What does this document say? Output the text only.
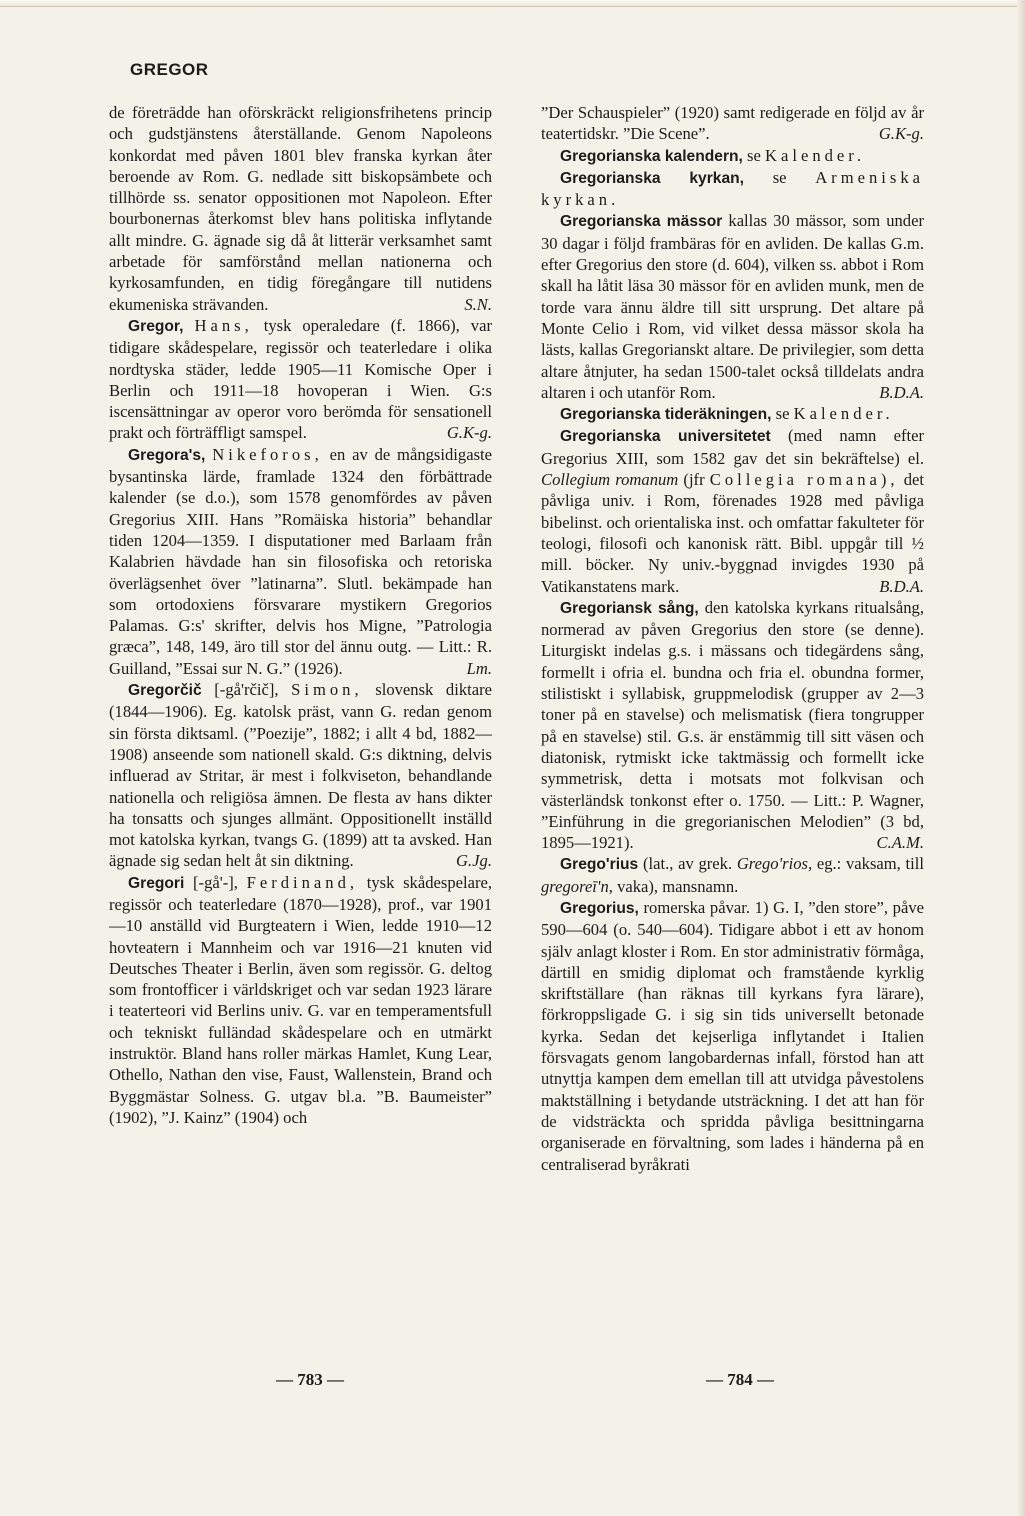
GREGOR

de företrädde han oförskräckt religionsfrihetens princip och gudstjänstens återställande. Genom Napoleons konkordat med påven 1801 blev franska kyrkan åter beroende av Rom. G. nedlade sitt biskopsämbete och tillhörde ss. senator oppositionen mot Napoleon. Efter bourbonernas återkomst blev hans politiska inflytande allt mindre. G. ägnade sig då åt litterär verksamhet samt arbetade för samförstånd mellan nationerna och kyrkosamfunden, en tidig föregångare till nutidens ekumeniska strävanden.	S.N.

Gregor, Hans, tysk operaledare (f. 1866), var tidigare skådespelare, regissör och teaterledare i olika nordtyska städer, ledde 1905—11 Komische Oper i Berlin och 1911—18 hovoperan i Wien. G:s iscensättningar av operor voro berömda för sensationell prakt och förträffligt samspel.	G.K-g.

Gregora's, Nikeforos, en av de mångsidigaste bysantinska lärde, framlade 1324 den förbättrade kalender (se d.o.), som 1578 genomfördes av påven Gregorius XIII. Hans ”Romäiska historia” behandlar tiden 1204—1359. I disputationer med Barlaam från Kalabrien hävdade han sin filosofiska och retoriska överlägsenhet över ”latinarna”. Slutl. bekämpade han som ortodoxiens försvarare mystikern Gregorios Palamas. G:s' skrifter, delvis hos Migne, ”Patrologia græca”, 148, 149, äro till stor del ännu outg. — Litt.: R. Guilland, ”Essai sur N. G.” (1926).	Lm.

Gregorčič [-gå'rčič], Simon, slovensk diktare (1844—1906). Eg. katolsk präst, vann G. redan genom sin första diktsaml. (”Poezije”, 1882; i allt 4 bd, 1882—1908) anseende som nationell skald. G:s diktning, delvis influerad av Stritar, är mest i folkviseton, behandlande nationella och religiösa ämnen. De flesta av hans dikter ha tonsatts och sjunges allmänt. Oppositionellt inställd mot katolska kyrkan, tvangs G. (1899) att ta avsked. Han ägnade sig sedan helt åt sin diktning.	G.Jg.

Gregori [-gå'-], Ferdinand, tysk skådespelare, regissör och teaterledare (1870—1928), prof., var 1901—10 anställd vid Burgteatern i Wien, ledde 1910—12 hovteatern i Mannheim och var 1916—21 knuten vid Deutsches Theater i Berlin, även som regissör. G. deltog som frontofficer i världskriget och var sedan 1923 lärare i teaterteori vid Berlins univ. G. var en temperamentsfull och tekniskt fulländad skådespelare och en utmärkt instruktör. Bland hans roller märkas Hamlet, Kung Lear, Othello, Nathan den vise, Faust, Wallenstein, Brand och Byggmästar Solness. G. utgav bl.a. ”B. Baumeister” (1902), ”J. Kainz” (1904) och

”Der Schauspieler” (1920) samt redigerade en följd av år teatertidskr. ”Die Scene”.	G.K-g.

Gregorianska kalendern, se Kalender.

Gregorianska kyrkan, se Armeniska kyrkan.

Gregorianska mässor kallas 30 mässor, som under 30 dagar i följd frambäras för en avliden. De kallas G.m. efter Gregorius den store (d. 604), vilken ss. abbot i Rom skall ha låtit läsa 30 mässor för en avliden munk, men de torde vara ännu äldre till sitt ursprung. Det altare på Monte Celio i Rom, vid vilket dessa mässor skola ha lästs, kallas Gregorianskt altare. De privilegier, som detta altare åtnjuter, ha sedan 1500-talet också tilldelats andra altaren i och utanför Rom.	B.D.A.

Gregorianska tideräkningen, se Kalender.

Gregorianska universitetet (med namn efter Gregorius XIII, som 1582 gav det sin bekräftelse) el. Collegium romanum (jfr Collegia romana), det påvliga univ. i Rom, förenades 1928 med påvliga bibelinst. och orientaliska inst. och omfattar fakulteter för teologi, filosofi och kanonisk rätt. Bibl. uppgår till ½ mill. böcker. Ny univ.-byggnad invigdes 1930 på Vatikanstatens mark.	B.D.A.

Gregoriansk sång, den katolska kyrkans ritualsång, normerad av påven Gregorius den store (se denne). Liturgiskt indelas g.s. i mässans och tidegärdens sång, formellt i ofria el. bundna och fria el. obundna former, stilistiskt i syllabisk, gruppmelodisk (grupper av 2—3 toner på en stavelse) och melismatisk (fiera tongrupper på en stavelse) stil. G.s. är enstämmig till sitt väsen och diatonisk, rytmiskt icke taktmässig och formellt icke symmetrisk, detta i motsats mot folkvisan och västerländsk tonkonst efter o. 1750. — Litt.: P. Wagner, ”Einführung in die gregorianischen Melodien” (3 bd, 1895—1921).	C.A.M.

Grego'rius (lat., av grek. Grego'rios, eg.: vaksam, till gregoreī'n, vaka), mansnamn.

Gregorius, romerska påvar. 1) G. I, ”den store”, påve 590—604 (o. 540—604). Tidigare abbot i ett av honom själv anlagt kloster i Rom. En stor administrativ förmåga, därtill en smidig diplomat och framstående kyrklig skriftställare (han räknas till kyrkans fyra lärare), förkroppsligade G. i sig sin tids universellt betonade kyrka. Sedan det kejserliga inflytandet i Italien försvagats genom langobardernas infall, förstod han att utnyttja kampen dem emellan till att utvidga påvestolens maktställning i betydande utsträckning. I det att han för de vidsträckta och spridda påvliga besittningarna organiserade en förvaltning, som lades i händerna på en centraliserad byråkrati

— 783 —	— 784 —
